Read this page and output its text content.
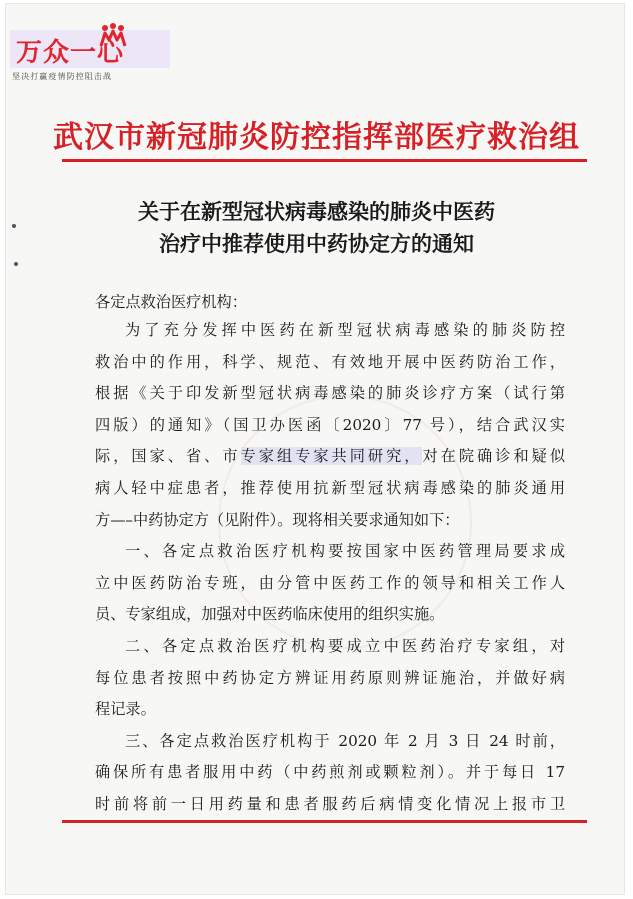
万众一心
坚决打赢疫情防控阻击战
武汉市新冠肺炎防控指挥部医疗救治组
关于在新型冠状病毒感染的肺炎中医药
治疗中推荐使用中药协定方的通知
各定点救治医疗机构：
为了充分发挥中医药在新型冠状病毒感染的肺炎防控
救治中的作用，科学、规范、有效地开展中医药防治工作，
根据《关于印发新型冠状病毒感染的肺炎诊疗方案（试行第
四版）的通知》（国卫办医函〔2020〕77 号），结合武汉实
际，国家、省、市专家组专家共同研究，对在院确诊和疑似
病人轻中症患者，推荐使用抗新型冠状病毒感染的肺炎通用
方—–中药协定方（见附件）。现将相关要求通知如下：
一、各定点救治医疗机构要按国家中医药管理局要求成
立中医药防治专班，由分管中医药工作的领导和相关工作人
员、专家组成，加强对中医药临床使用的组织实施。
二、各定点救治医疗机构要成立中医药治疗专家组，对
每位患者按照中药协定方辨证用药原则辨证施治，并做好病
程记录。
三、各定点救治医疗机构于 2020 年 2 月 3 日 24 时前，
确保所有患者服用中药（中药煎剂或颗粒剂）。并于每日 17
时前将前一日用药量和患者服药后病情变化情况上报市卫
